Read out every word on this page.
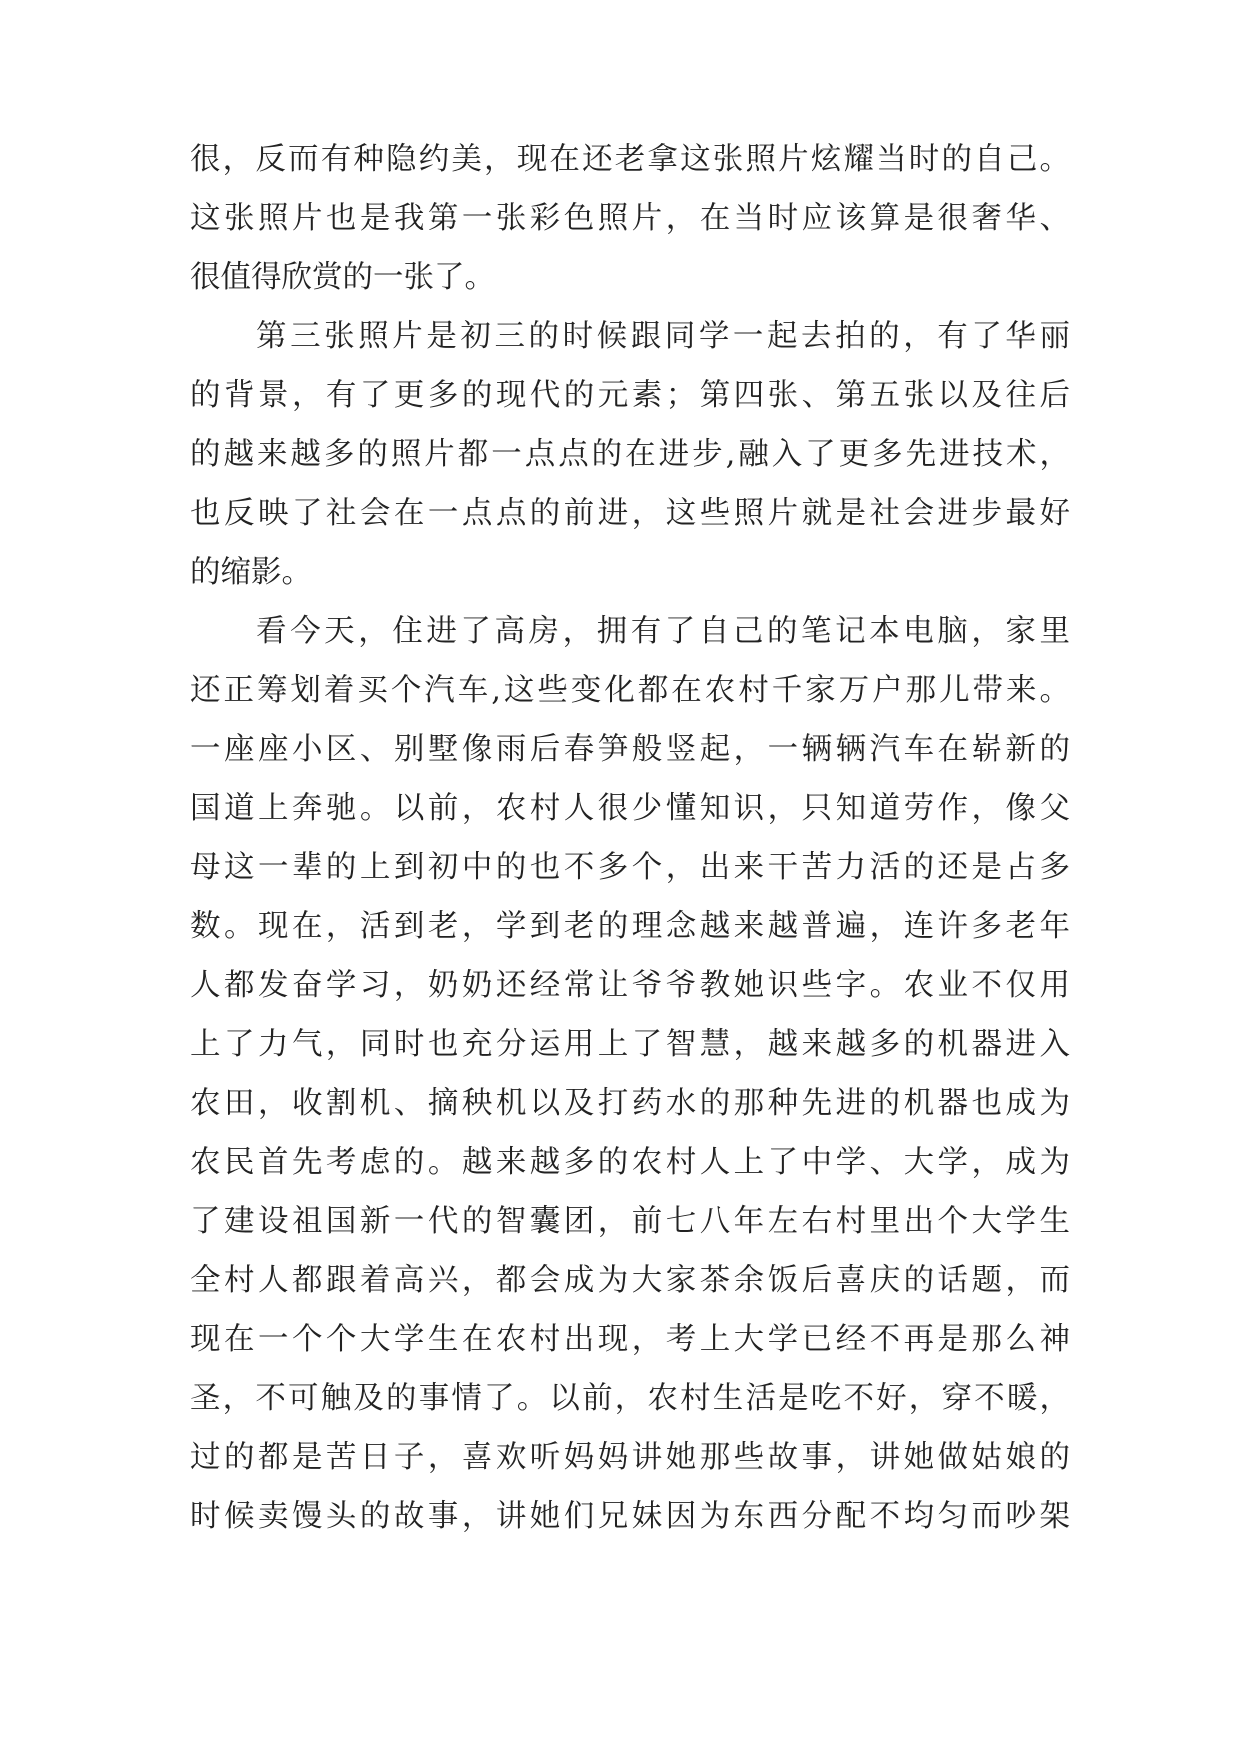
很，反而有种隐约美，现在还老拿这张照片炫耀当时的自己。
这张照片也是我第一张彩色照片，在当时应该算是很奢华、
很值得欣赏的一张了。
第三张照片是初三的时候跟同学一起去拍的，有了华丽
的背景，有了更多的现代的元素；第四张、第五张以及往后
的越来越多的照片都一点点的在进步,融入了更多先进技术，
也反映了社会在一点点的前进，这些照片就是社会进步最好
的缩影。
看今天，住进了高房，拥有了自己的笔记本电脑，家里
还正筹划着买个汽车,这些变化都在农村千家万户那儿带来。
一座座小区、别墅像雨后春笋般竖起，一辆辆汽车在崭新的
国道上奔驰。以前，农村人很少懂知识，只知道劳作，像父
母这一辈的上到初中的也不多个，出来干苦力活的还是占多
数。现在，活到老，学到老的理念越来越普遍，连许多老年
人都发奋学习，奶奶还经常让爷爷教她识些字。农业不仅用
上了力气，同时也充分运用上了智慧，越来越多的机器进入
农田，收割机、摘秧机以及打药水的那种先进的机器也成为
农民首先考虑的。越来越多的农村人上了中学、大学，成为
了建设祖国新一代的智囊团，前七八年左右村里出个大学生
全村人都跟着高兴，都会成为大家茶余饭后喜庆的话题，而
现在一个个大学生在农村出现，考上大学已经不再是那么神
圣，不可触及的事情了。以前，农村生活是吃不好，穿不暖，
过的都是苦日子，喜欢听妈妈讲她那些故事，讲她做姑娘的
时候卖馒头的故事，讲她们兄妹因为东西分配不均匀而吵架
